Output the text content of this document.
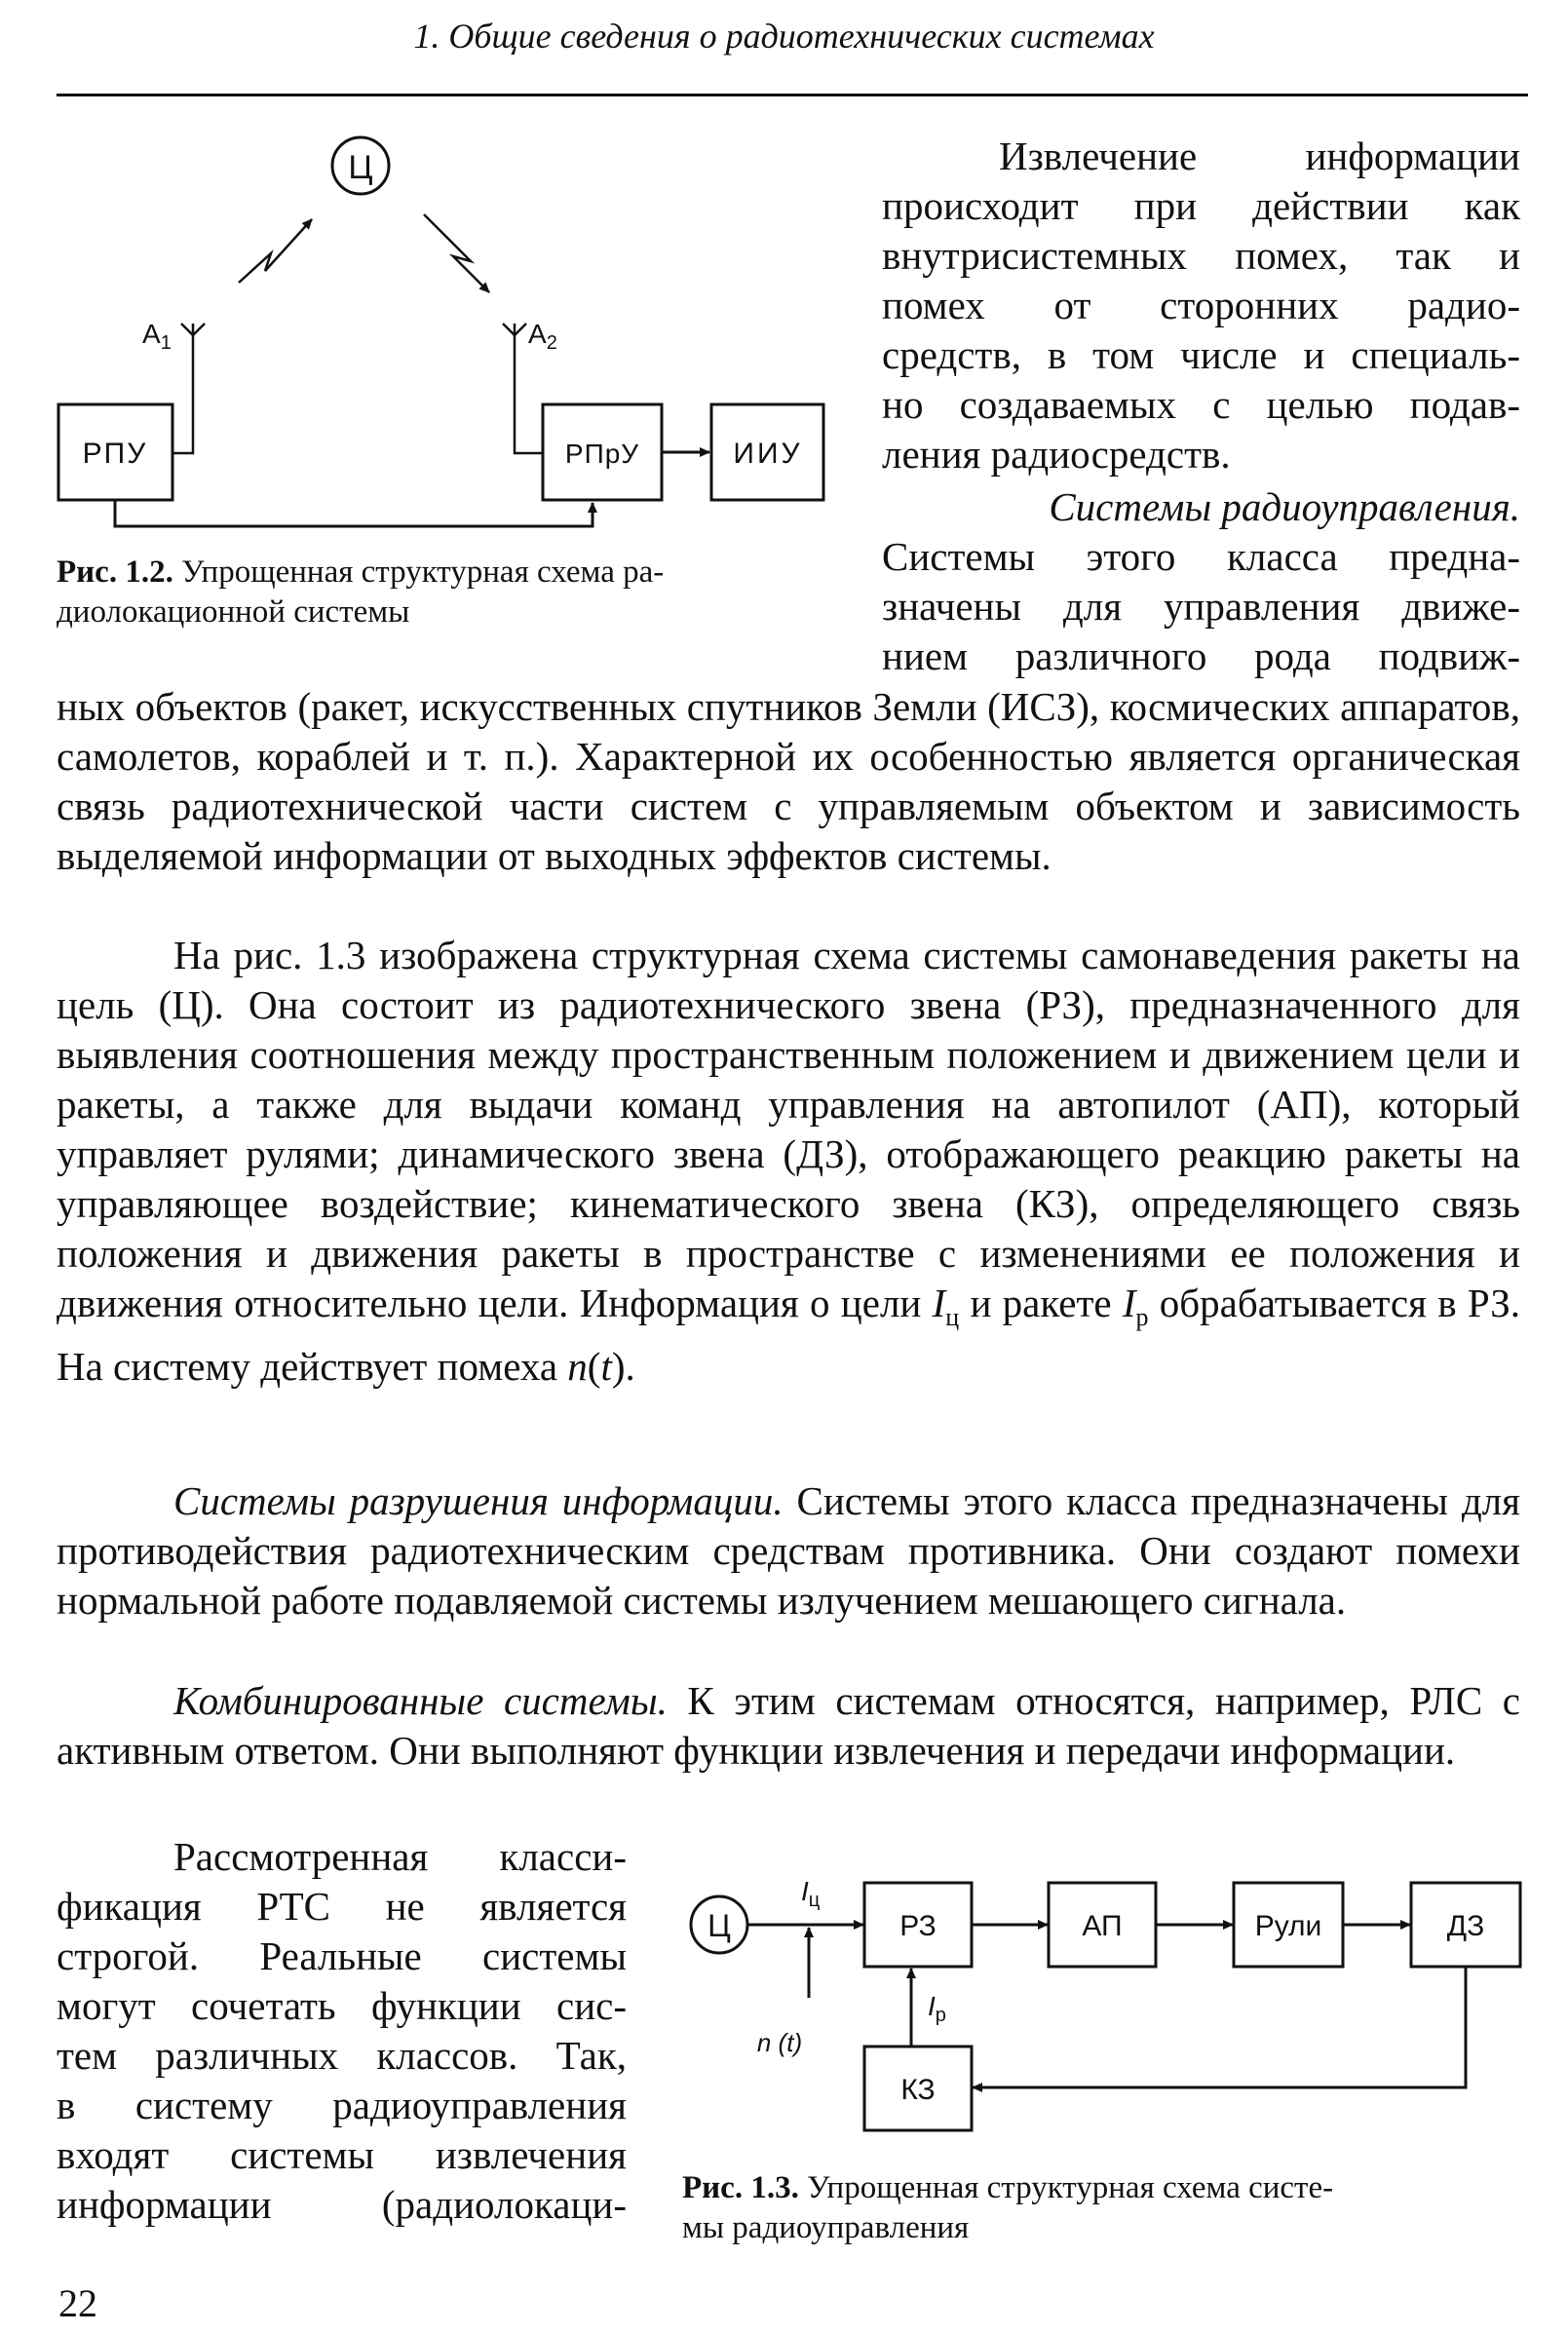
1. Общие сведения о радиотехнических системах
Ц
$А_1$	$А_2$
РПУ	РПрУ	ИИУ
Рис. 1.2. Упрощенная структурная схема ра-
диолокационной системы
Извлечение информации
происходит при действии как
внутрисистемных помех, так и
помех от сторонних радио-
средств, в том числе и специаль-
но создаваемых с целью подав-
ления радиосредств.
Системы радиоуправления.
Системы этого класса предна-
значены для управления движе-
нием различного рода подвиж-

ных объектов (ракет, искусственных спутников Земли (ИСЗ), космических аппаратов, самолетов, кораблей и т. п.). Характерной их особенностью является органическая связь радиотехнической части систем с управляемым объектом и зависимость выделяемой информации от выходных эффектов системы.

На рис. 1.3 изображена структурная схема системы самонаведения ракеты на цель (Ц). Она состоит из радиотехнического звена (РЗ), предназначенного для выявления соотношения между пространственным положением и движением цели и ракеты, а также для выдачи команд управления на автопилот (АП), который управляет рулями; динамического звена (ДЗ), отображающего реакцию ракеты на управляющее воздействие; кинематического звена (КЗ), определяющего связь положения и движения ракеты в пространстве с изменениями ее положения и движения относительно цели. Информация о цели $I_ц$ и ракете $I_р$ обрабатывается в РЗ. На систему действует помеха n(t).

Системы разрушения информации. Системы этого класса предназначены для противодействия радиотехническим средствам противника. Они создают помехи нормальной работе подавляемой системы излучением мешающего сигнала.

Комбинированные системы. К этим системам относятся, например, РЛС с активным ответом. Они выполняют функции извлечения и передачи информации.

Рассмотренная класси-
фикация РТС не является
строгой. Реальные системы
могут сочетать функции сис-
тем различных классов. Так,
в систему радиоуправления
входят системы извлечения
информации (радиолокаци-
Ц
$I_ц$
n (t)
РЗ	АП	Рули	ДЗ
КЗ
$I_р$
Рис. 1.3. Упрощенная структурная схема систе-
мы радиоуправления
22
